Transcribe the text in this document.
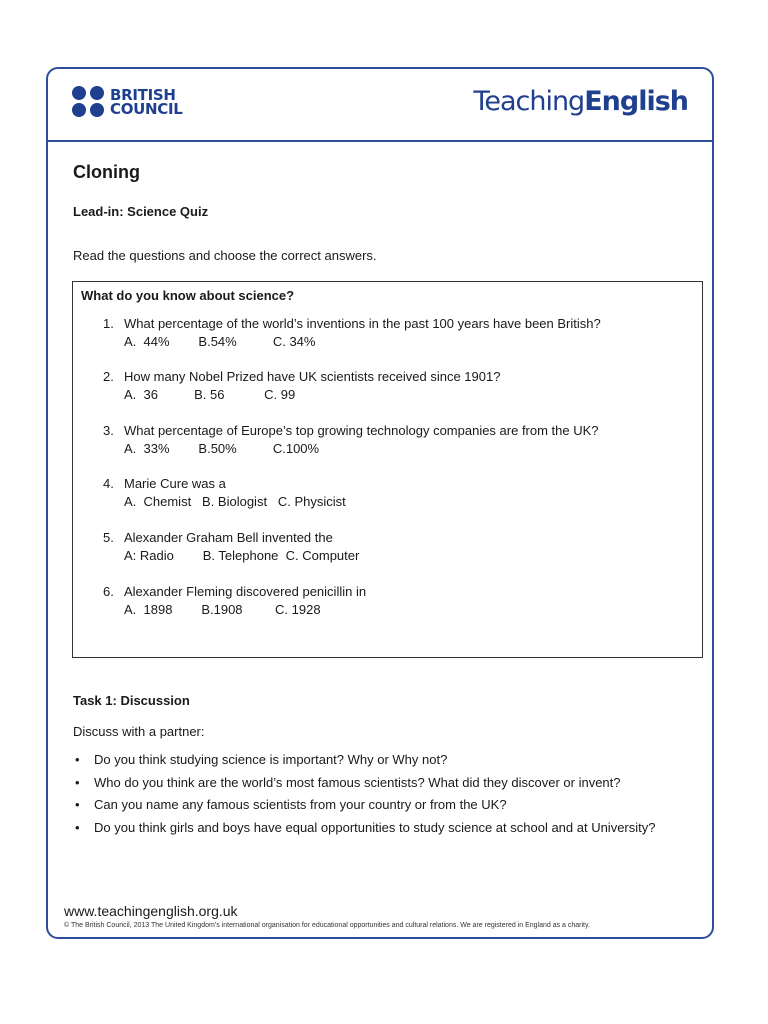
BRITISH
COUNCIL	TeachingEnglish
Cloning
Lead-in: Science Quiz
Read the questions and choose the correct answers.
What do you know about science?
1. What percentage of the world’s inventions in the past 100 years have been British?
A.  44%        B.54%          C. 34%
2. How many Nobel Prized have UK scientists received since 1901?
A.  36          B. 56           C. 99
3. What percentage of Europe’s top growing technology companies are from the UK?
A.  33%        B.50%          C.100%
4. Marie Cure was a
A.  Chemist   B. Biologist   C. Physicist
5. Alexander Graham Bell invented the
A: Radio        B. Telephone  C. Computer
6. Alexander Fleming discovered penicillin in
A.  1898        B.1908         C. 1928
Task 1: Discussion
Discuss with a partner:
• Do you think studying science is important? Why or Why not?
• Who do you think are the world’s most famous scientists? What did they discover or invent?
• Can you name any famous scientists from your country or from the UK?
• Do you think girls and boys have equal opportunities to study science at school and at University?
www.teachingenglish.org.uk
© The British Council, 2013 The United Kingdom’s international organisation for educational opportunities and cultural relations. We are registered in England as a charity.
